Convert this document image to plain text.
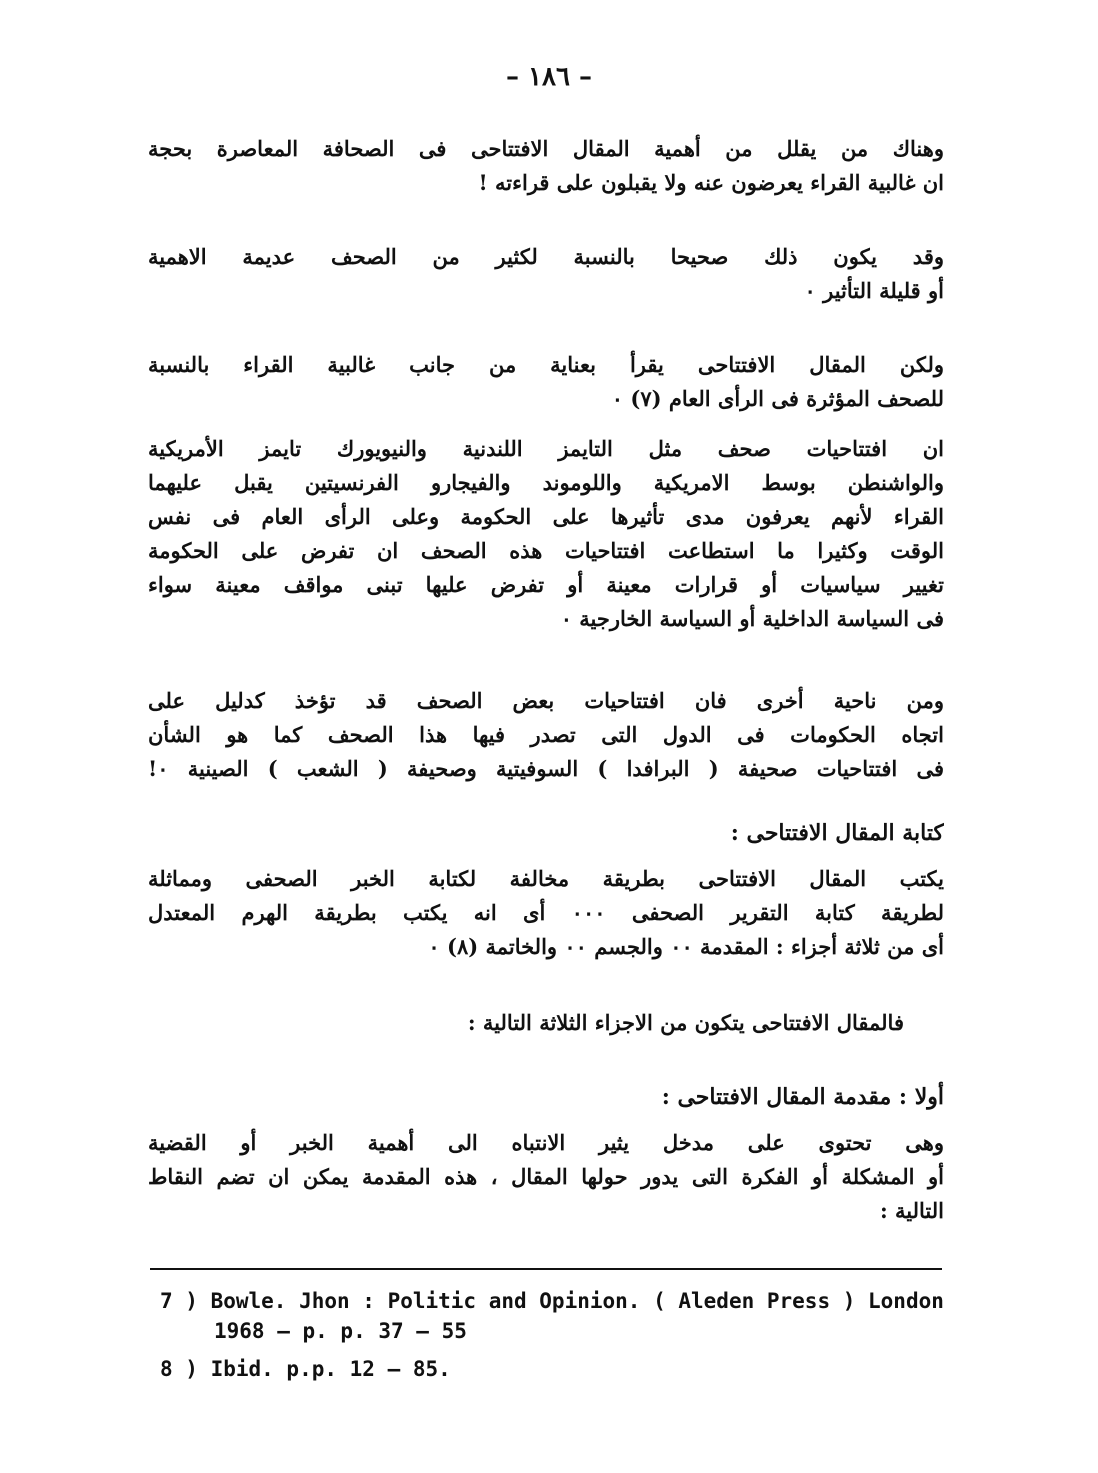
– ١٨٦ –
وهناك من يقلل من أهمية المقال الافتتاحى فى الصحافة المعاصرة بحجة
ان غالبية القراء يعرضون عنه ولا يقبلون على قراءته !
وقد يكون ذلك صحيحا بالنسبة لكثير من الصحف عديمة الاهمية
أو قليلة التأثير ٠
ولكن المقال الافتتاحى يقرأ بعناية من جانب غالبية القراء بالنسبة
للصحف المؤثرة فى الرأى العام (٧) ٠
ان افتتاحيات صحف مثل التايمز اللندنية والنيويورك تايمز الأمريكية
والواشنطن بوسط الامريكية واللوموند والفيجارو الفرنسيتين يقبل عليهما
القراء لأنهم يعرفون مدى تأثيرها على الحكومة وعلى الرأى العام فى نفس
الوقت وكثيرا ما استطاعت افتتاحيات هذه الصحف ان تفرض على الحكومة
تغيير سياسيات أو قرارات معينة أو تفرض عليها تبنى مواقف معينة سواء
فى السياسة الداخلية أو السياسة الخارجية ٠
ومن ناحية أخرى فان افتتاحيات بعض الصحف قد تؤخذ كدليل على
اتجاه الحكومات فى الدول التى تصدر فيها هذا الصحف كما هو الشأن
فى افتتاحيات صحيفة ( البرافدا ) السوفيتية وصحيفة ( الشعب ) الصينية ٠!
كتابة المقال الافتتاحى :
يكتب المقال الافتتاحى بطريقة مخالفة لكتابة الخبر الصحفى ومماثلة
لطريقة كتابة التقرير الصحفى ٠٠٠ أى انه يكتب بطريقة الهرم المعتدل
أى من ثلاثة أجزاء : المقدمة ٠٠ والجسم ٠٠ والخاتمة (٨) ٠
فالمقال الافتتاحى يتكون من الاجزاء الثلاثة التالية :
أولا : مقدمة المقال الافتتاحى :
وهى تحتوى على مدخل يثير الانتباه الى أهمية الخبر أو القضية
أو المشكلة أو الفكرة التى يدور حولها المقال ، هذه المقدمة يمكن ان تضم النقاط
التالية :
7 ) Bowle. Jhon : Politic and Opinion. ( Aleden Press ) London
1968 — p. p. 37 — 55
8 ) Ibid. p.p. 12 — 85.
